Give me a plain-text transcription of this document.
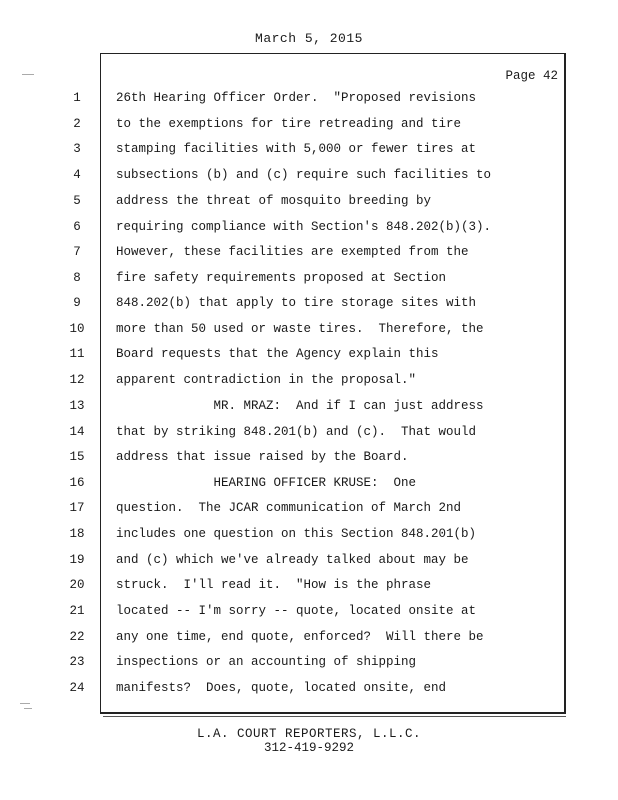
March 5, 2015
Page 42
1	26th Hearing Officer Order.  "Proposed revisions
2	to the exemptions for tire retreading and tire
3	stamping facilities with 5,000 or fewer tires at
4	subsections (b) and (c) require such facilities to
5	address the threat of mosquito breeding by
6	requiring compliance with Section's 848.202(b)(3).
7	However, these facilities are exempted from the
8	fire safety requirements proposed at Section
9	848.202(b) that apply to tire storage sites with
10	more than 50 used or waste tires.  Therefore, the
11	Board requests that the Agency explain this
12	apparent contradiction in the proposal."
13	MR. MRAZ:  And if I can just address
14	that by striking 848.201(b) and (c).  That would
15	address that issue raised by the Board.
16	HEARING OFFICER KRUSE:  One
17	question.  The JCAR communication of March 2nd
18	includes one question on this Section 848.201(b)
19	and (c) which we've already talked about may be
20	struck.  I'll read it.  "How is the phrase
21	located -- I'm sorry -- quote, located onsite at
22	any one time, end quote, enforced?  Will there be
23	inspections or an accounting of shipping
24	manifests?  Does, quote, located onsite, end
L.A. COURT REPORTERS, L.L.C.
312-419-9292
